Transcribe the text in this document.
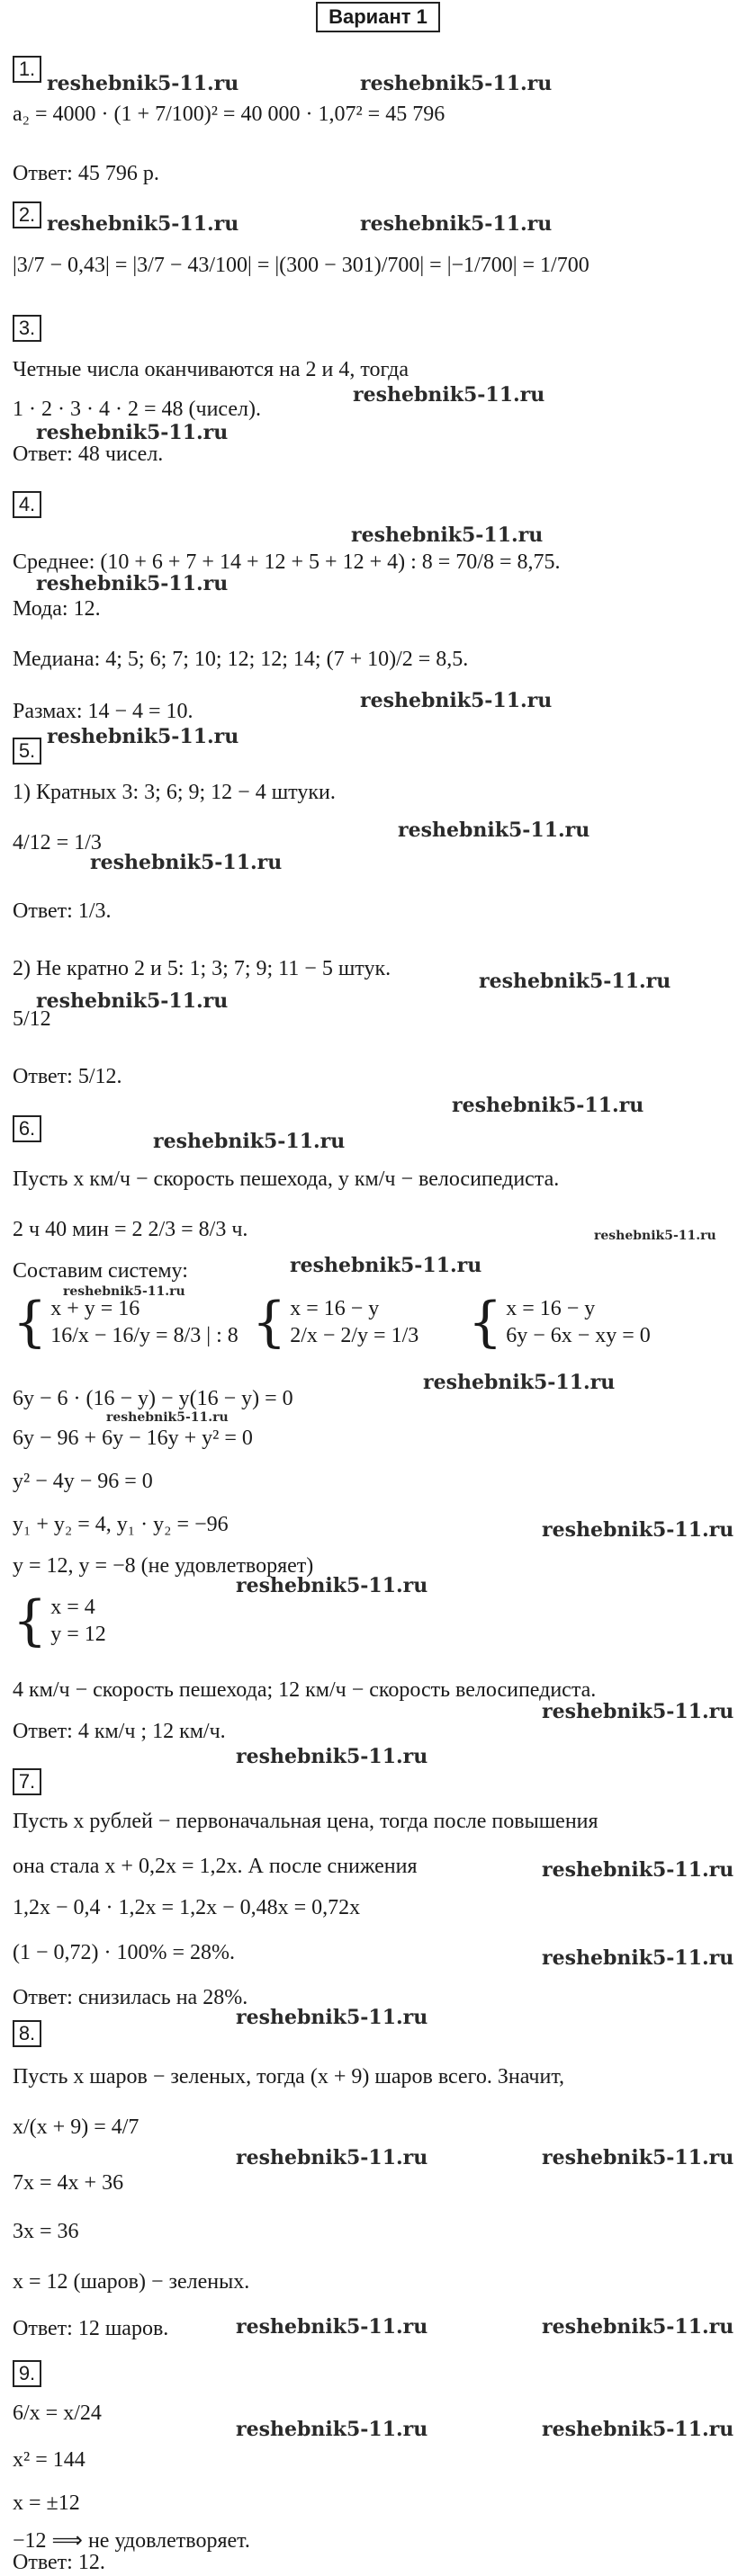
Вариант 1
1.
reshebnik5-11.ru	reshebnik5-11.ru
a₂ = 4000 · (1 + 7/100)² = 40 000 · 1,07² = 45 796
Ответ: 45 796 р.
2. reshebnik5-11.ru	reshebnik5-11.ru
|3/7 − 0,43| = |3/7 − 43/100| = |(300 − 301)/700| = |−1/700| = 1/700
3.
Четные числа оканчиваются на 2 и 4, тогда
1 · 2 · 3 · 4 · 2 = 48 (чисел).
reshebnik5-11.ru
reshebnik5-11.ru
Ответ: 48 чисел.
4.
reshebnik5-11.ru
Среднее: (10 + 6 + 7 + 14 + 12 + 5 + 12 + 4) : 8 = 70/8 = 8,75.
reshebnik5-11.ru
Мода: 12.
Медиана: 4; 5; 6; 7; 10; 12; 12; 14; (7 + 10)/2 = 8,5.
Размах: 14 − 4 = 10.	reshebnik5-11.ru
reshebnik5-11.ru
5.
1) Кратных 3: 3; 6; 9; 12 − 4 штуки.
reshebnik5-11.ru
4/12 = 1/3
reshebnik5-11.ru
Ответ: 1/3.
2) Не кратно 2 и 5: 1; 3; 7; 9; 11 − 5 штук.
reshebnik5-11.ru
5/12
reshebnik5-11.ru
Ответ: 5/12.
reshebnik5-11.ru
6.
reshebnik5-11.ru
Пусть x км/ч − скорость пешехода, y км/ч − велосипедиста.
2 ч 40 мин = 2 2/3 = 8/3 ч.	reshebnik5-11.ru
Составим систему:	reshebnik5-11.ru
reshebnik5-11.ru
{ x + y = 16
16/x − 16/y = 8/3 | : 8 { x = 16 − y
2/x − 2/y = 1/3 { x = 16 − y
6y − 6x − xy = 0
6y − 6 · (16 − y) − y(16 − y) = 0
reshebnik5-11.ru
reshebnik5-11.ru
6y − 96 + 6y − 16y + y² = 0
y² − 4y − 96 = 0
y₁ + y₂ = 4, y₁ · y₂ = −96	reshebnik5-11.ru
y = 12, y = −8 (не удовлетворяет)
reshebnik5-11.ru
{ x = 4
y = 12
4 км/ч − скорость пешехода; 12 км/ч − скорость велосипедиста.
Ответ: 4 км/ч ; 12 км/ч.
reshebnik5-11.ru
reshebnik5-11.ru
7.
Пусть x рублей − первоначальная цена, тогда после повышения
она стала x + 0,2x = 1,2x. А после снижения	reshebnik5-11.ru
1,2x − 0,4 · 1,2x = 1,2x − 0,48x = 0,72x
(1 − 0,72) · 100% = 28%.	reshebnik5-11.ru
Ответ: снизилась на 28%.
reshebnik5-11.ru
8.
Пусть x шаров − зеленых, тогда (x + 9) шаров всего. Значит,
x/(x + 9) = 4/7
reshebnik5-11.ru	reshebnik5-11.ru
7x = 4x + 36
3x = 36
x = 12 (шаров) − зеленых.
Ответ: 12 шаров.	reshebnik5-11.ru	reshebnik5-11.ru
9.
6/x = x/24
reshebnik5-11.ru	reshebnik5-11.ru
x² = 144
x = ±12
−12 ⟹ не удовлетворяет.
Ответ: 12.
